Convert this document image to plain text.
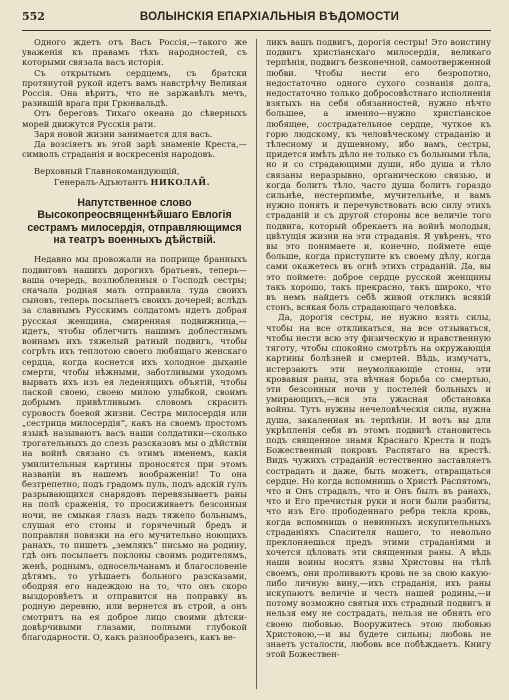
552	ВОЛЫНСКІЯ ЕПАРХІАЛЬНЫЯ ВѢДОМОСТИ

Одного ждетъ отъ Васъ Россія,—такого же уваженія къ правамъ тѣхъ народностей, съ которыми связала васъ исторія.

Съ открытымъ сердцемъ, съ братски протянутой рукой идетъ вамъ навстрѣчу Великая Россія. Она вѣритъ, что не заржавѣлъ мечъ, разившій врага при Грюнвальдѣ.

Отъ береговъ Тихаго океана до сѣверныхъ морей движутся Русскія рати.

Заря новой жизни занимается для васъ.

Да возсіяетъ въ этой зарѣ знаменіе Креста,—символъ страданія и воскресенія народовъ.

Верховный Главнокомандующій,

Генералъ-Адъютантъ НИКОЛАЙ.

Напутственное слово Высокопреосвященнѣйшаго Евлогія сестрамъ милосердія, отправляющимся на театръ военныхъ дѣйствій.

Недавно мы провожали на поприще бранныхъ подвиговъ нашихъ дорогихъ братьевъ, теперь—ваша очередь, возлюбленныя о Господѣ сестры; сначала родная мать отправила туда своихъ сыновъ, теперь посылаетъ своихъ дочерей; вслѣдъ за славнымъ Русскимъ солдатомъ идетъ добрая русская женщина, смиренная подвижница,—идетъ, чтобы облегчить нашимъ доблестнымъ воинамъ ихъ тяжелый ратный подвигъ, чтобы согрѣть ихъ теплотою своего любящаго женскаго сердца, когда коснется ихъ холодное дыханіе смерти, чтобы нѣжными, заботливыми уходомъ вырвать ихъ изъ ея леденящихъ объятій, чтобы лаской своею, своею милою улыбкой, своимъ добрымъ привѣтливымъ словомъ скрасить суровость боевой жизни. Сестра милосердія или „сестрица милосердія“, какъ на своемъ простомъ языкѣ называютъ васъ наши солдатики—сколько трогательныхъ до слезъ разсказовъ мы о дѣйствіи на войнѣ связано съ этимъ именемъ, какія умилительныя картины проносятся при этомъ названіи въ нашемъ воображеніи! То она безтрепетно, подъ градомъ пуль, подъ адскій гулъ разрывающихся снарядовъ перевязываетъ раны на полѣ сраженія, то просиживаетъ безсонныя ночи, не смыкая глазъ надъ тяжело больнымъ, слушая его стоны и горячечный бредъ и поправляя повязки на его мучительно ноющихъ ранахъ, то пишетъ „землякъ“ письмо на родину, гдѣ онъ посылаетъ поклоны своимъ родителямъ, женѣ, роднымъ, односельчанамъ и благословеніе дѣтямъ, то утѣшаетъ больного разсказами, ободряя его надеждою на то, что онъ скоро выздоровѣетъ и отправится на поправку въ родную деревню, или вернется въ строй, а онъ смотритъ на ея доброе лицо своими дѣтски-довѣрчивыми глазами, полными глубокой благодарности. О, какъ разнообразенъ, какъ ве-

ликъ вашъ подвигъ, дорогія сестры! Это воистину подвигъ христіанскаго милосердія, великаго терпѣнія, подвигъ безконечной, самоотверженной любви. Чтобы нести его безропотно, недостаточно одного сухого сознанія долга, недостаточно только добросовѣстнаго исполненія взятыхъ на себя обязанностей, нужно нѣчто большее, а именно—нужно христіанское любящее, сострадательное сердце, чуткое къ горю людскому, къ человѣческому страданію и тѣлесному и душевному, ибо вамъ, сестры, придется имѣть дѣло не только съ больными тѣла, но и со страдающими души, ибо душа и тѣло связаны неразрывно, органическою связью, и когда болитъ тѣло, часто душа болитъ гораздо сильнѣе, нестерпимѣе, мучительнѣе, и вамъ нужно понять и перечувствовать всю силу этихъ страданій и съ другой стороны все величіе того подвига, который обрекаетъ на войнѣ молодыя, цвѣтущія жизни на эти страданія. Я увѣренъ, что вы это понимаете и, конечно, поймете еще больше, когда приступите къ своему дѣлу, когда сами окажетесь въ огнѣ этихъ страданій. Да, вы это поймете: доброе сердце русской женщины такъ хорошо, такъ прекрасно, такъ широко, что въ немъ найдетъ себѣ живой откликъ всякій стонъ, всякая боль страдающаго человѣка.

Да, дорогія сестры, не нужно взять силы, чтобы на все откликаться, на все отзываться, чтобы нести всю эту физическую и нравственную тяготу, чтобы спокойно смотрѣть на окружающія картины болѣзней и смертей. Вѣдь, измучатъ, истерзаютъ эти неумолкающіе стоны, эти кровавыя раны, эта вѣчная борьба со смертью, эти безсонныя ночи у постелей больныхъ и умирающихъ,—вся эта ужасная обстановка войны. Тутъ нужны нечеловѣческія силы, нужна душа, закаленная въ терпѣніи. И вотъ вы для укрѣпленія себя въ этомъ подвигѣ становитесь подъ священное знамя Краснаго Креста и подъ Божественный покровъ Распятаго на крестѣ. Видъ чужихъ страданій естественно заставляетъ сострадать и даже, быть можетъ, отвращаться сердце. Но когда вспомнишь о Христѣ Распятомъ, что и Онъ страдалъ, что и Онъ былъ въ ранахъ, что и Его пречистыя руки и ноги были разбиты, что изъ Его прободеннаго ребра текла кровь, когда вспомнишь о невинныхъ искупительныхъ страданіяхъ Спасителя нашего, то невольно преклоняешься предъ этими страданіями и хочется цѣловать эти священныя раны. А вѣдь наши воины носятъ язвы Христовы на тѣлѣ своемъ, они проливаютъ кровь не за свою какую-либо личную вину,—ихъ страданія, ихъ раны искупаютъ величіе и честь нашей родины,—и потому возможно святыя ихъ страдный подвигъ и нельзя ему не сострадать, нельзя не обнять его своею любовью. Вооружитесь этою любовью Христовою,—и вы будете сильны; любовь не знаетъ усталости, любовь все побѣждаетъ. Книгу этой Божествен-
